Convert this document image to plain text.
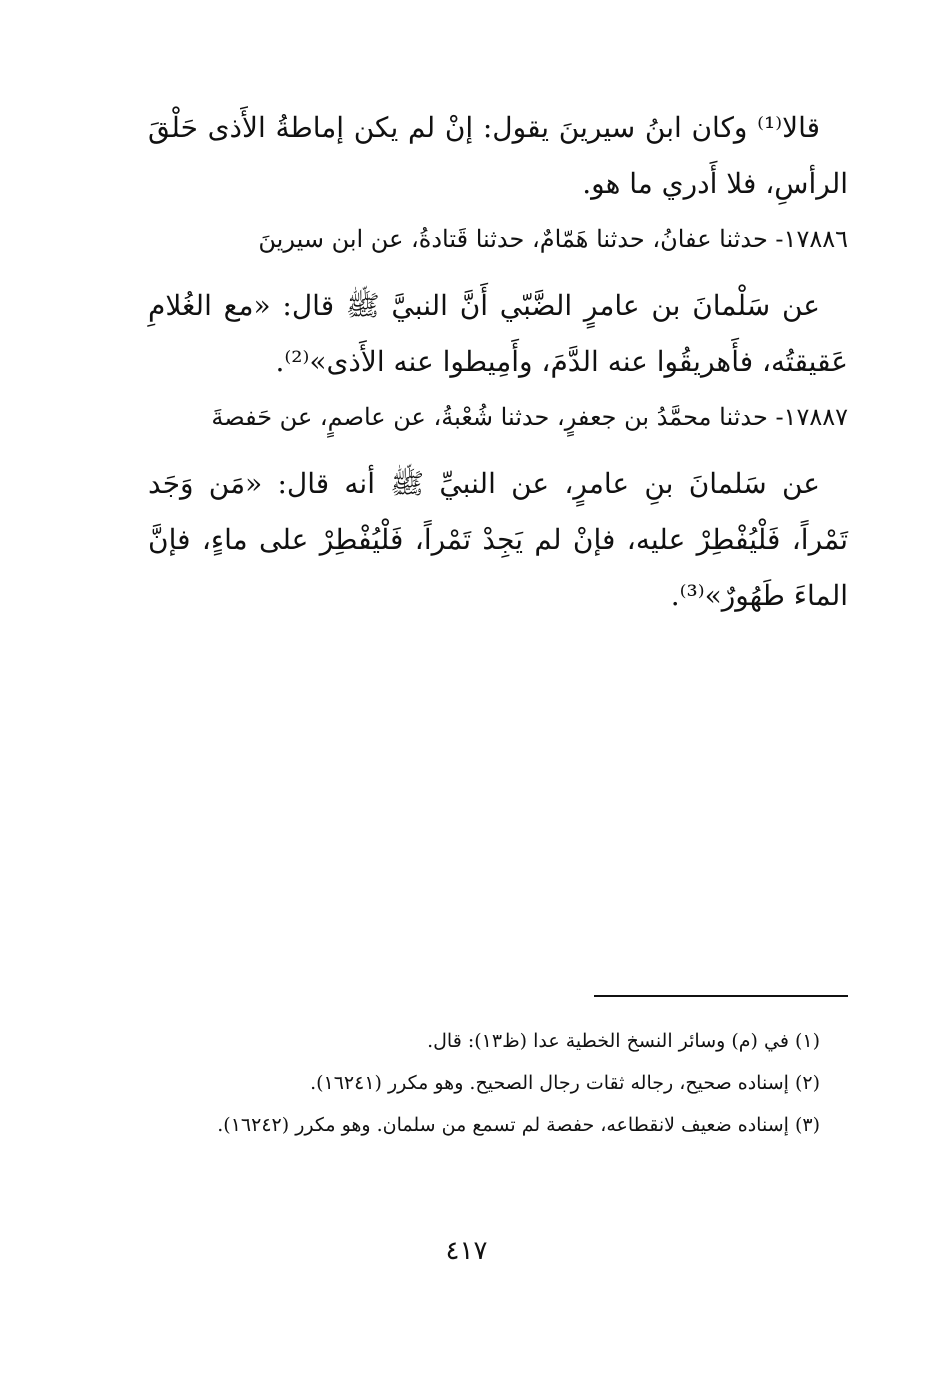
قالا⁽¹⁾ وكان ابنُ سيرينَ يقول: إنْ لم يكن إماطةُ الأَذى حَلْقَ الرأسِ، فلا أَدري ما هو.

١٧٨٨٦- حدثنا عفانُ، حدثنا هَمّامٌ، حدثنا قَتادةُ، عن ابن سيرينَ

عن سَلْمانَ بن عامرٍ الضَّبّي أَنَّ النبيَّ ﷺ قال: «مع الغُلامِ عَقيقتُه، فأَهريقُوا عنه الدَّمَ، وأَمِيطوا عنه الأَذى»⁽²⁾.

١٧٨٨٧- حدثنا محمَّدُ بن جعفرٍ، حدثنا شُعْبةُ، عن عاصمٍ، عن حَفصةَ

عن سَلمانَ بنِ عامرٍ، عن النبيِّ ﷺ أنه قال: «مَن وَجَد تَمْراً، فَلْيُفْطِرْ عليه، فإنْ لم يَجِدْ تَمْراً، فَلْيُفْطِرْ على ماءٍ، فإنَّ الماءَ طَهُورٌ»⁽³⁾.

(١) في (م) وسائر النسخ الخطية عدا (ظ١٣): قال.

(٢) إسناده صحيح، رجاله ثقات رجال الصحيح. وهو مكرر (١٦٢٤١).

(٣) إسناده ضعيف لانقطاعه، حفصة لم تسمع من سلمان. وهو مكرر (١٦٢٤٢).

٤١٧
